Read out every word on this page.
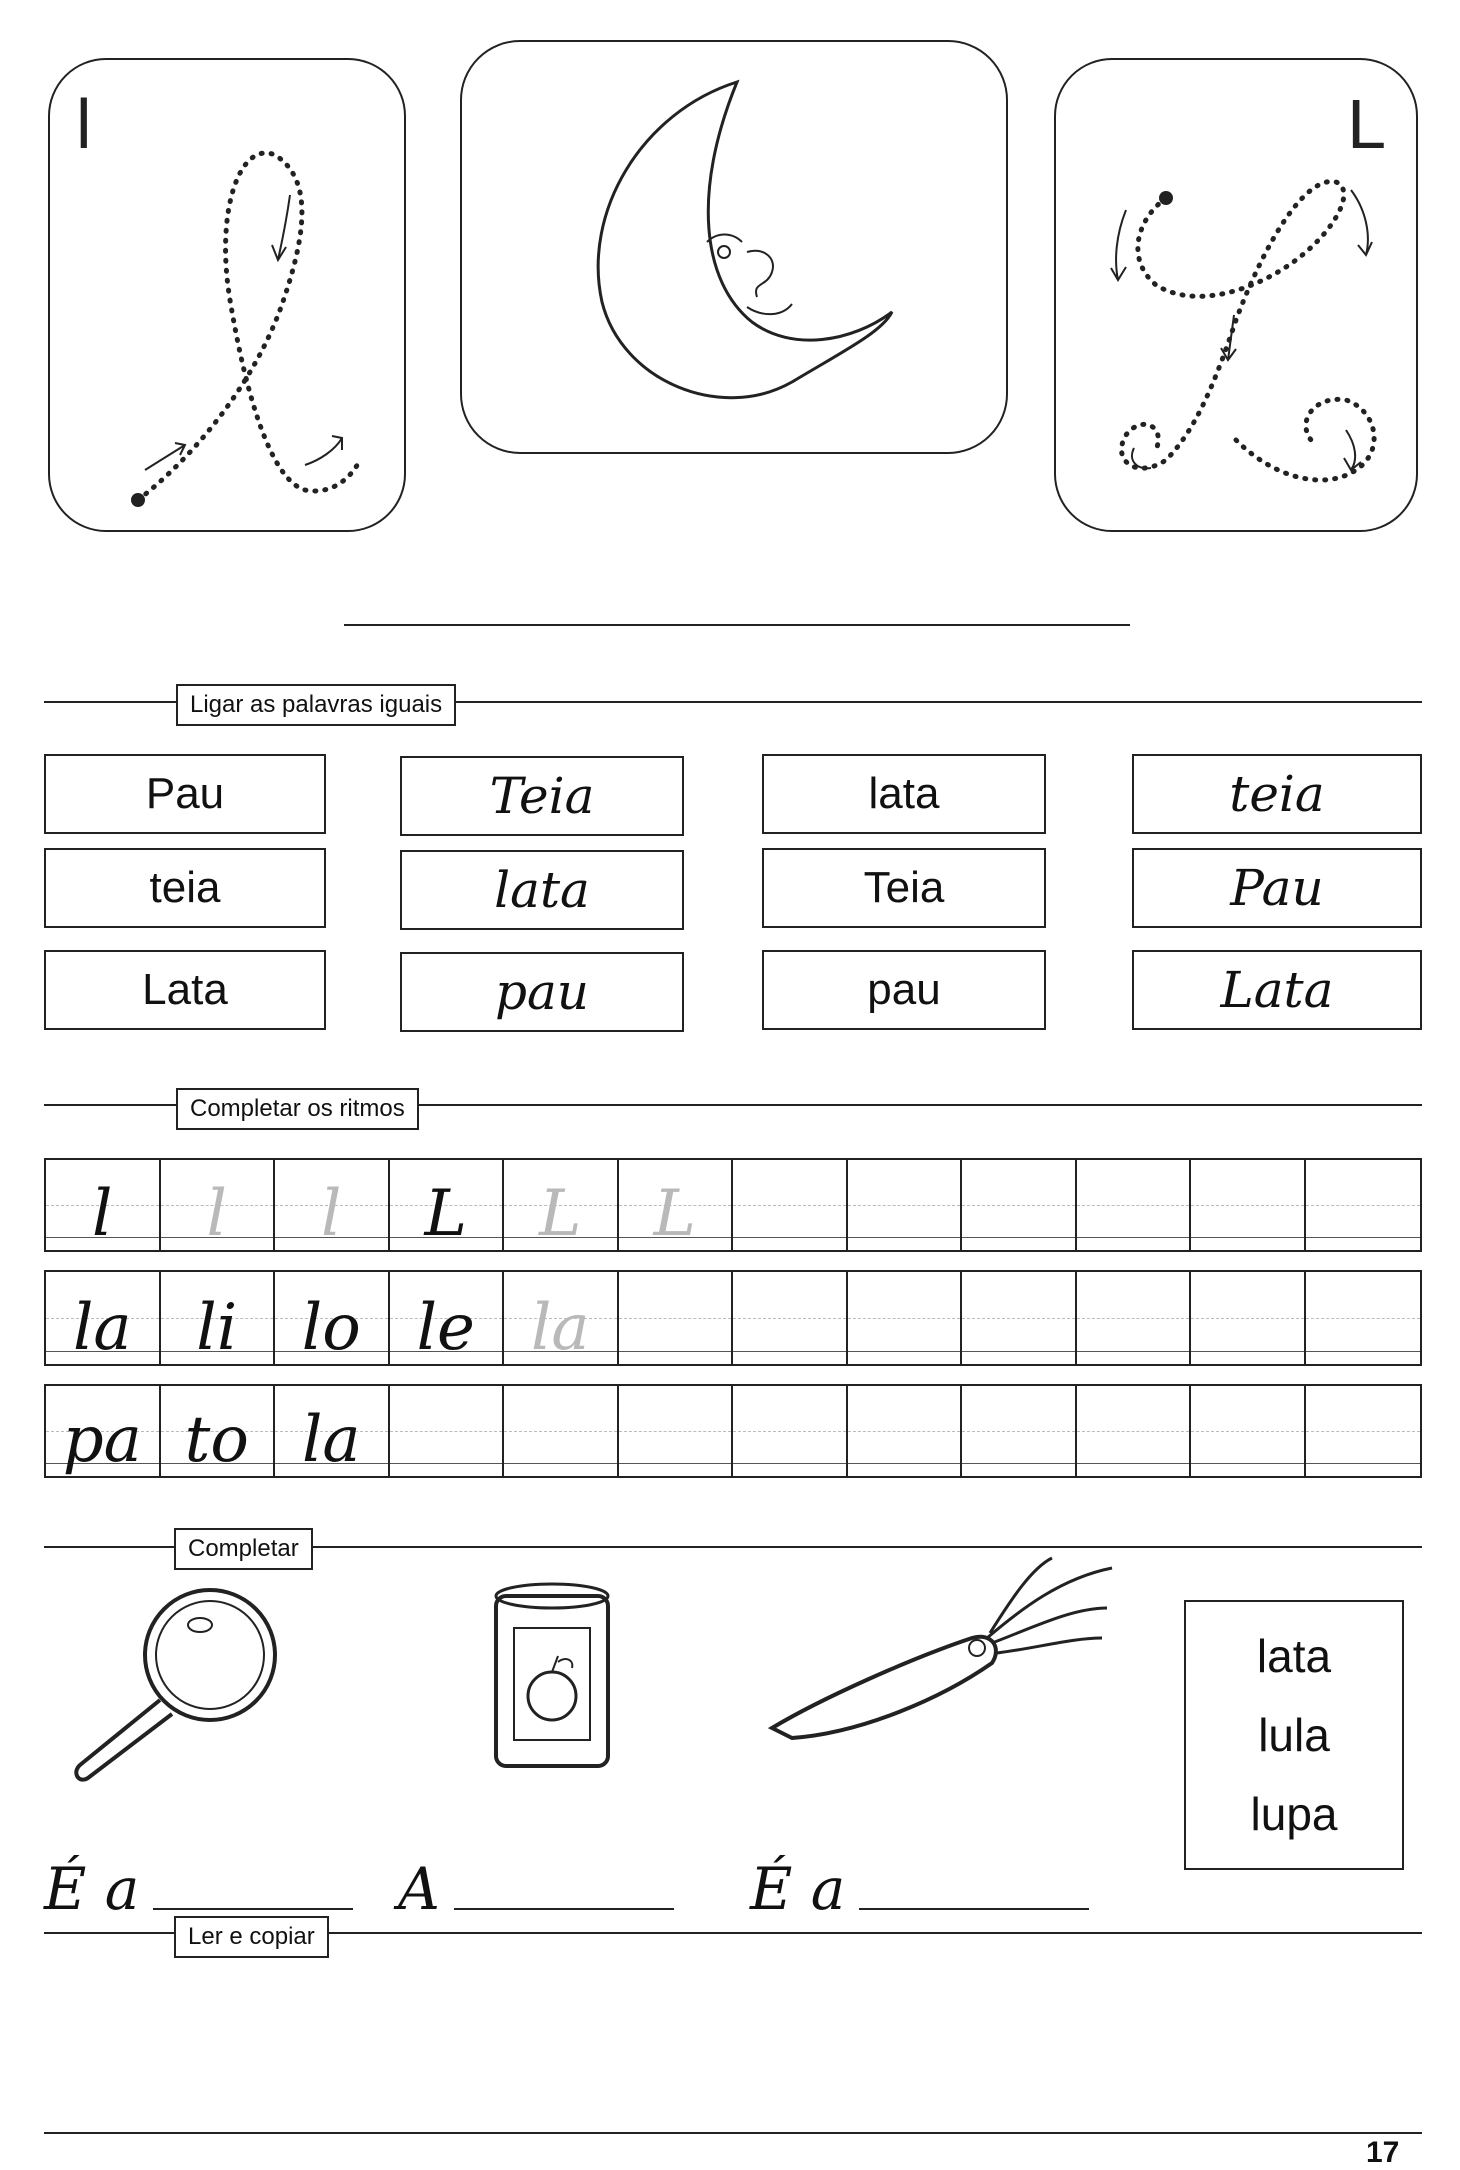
l	L
Ligar as palavras iguais
Pau
teia
Lata
Teia
lata
pau
lata
Teia
pau
teia
Pau
Lata
Completar os ritmos
l l l L L L
la li lo le la
pa to la
Completar
É a	A	É a
lata
lula
lupa
Ler e copiar
17
